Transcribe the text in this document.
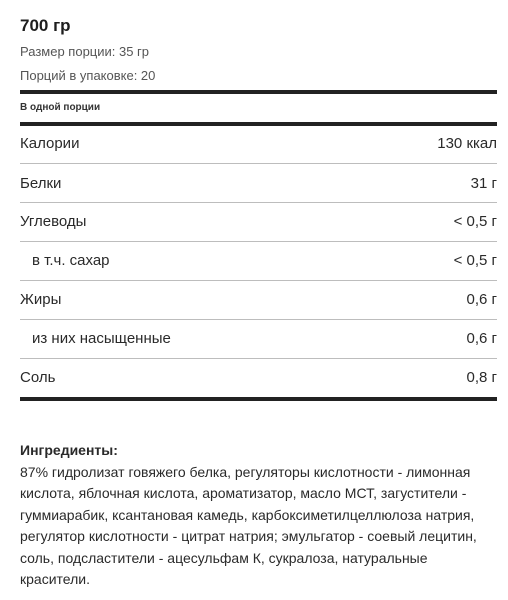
700 гр
Размер порции: 35 гр
Порций в упаковке: 20
В одной порции
Калории	130 ккал
Белки	31 г
Углеводы	< 0,5 г
в т.ч. сахар	< 0,5 г
Жиры	0,6 г
из них насыщенные	0,6 г
Соль	0,8 г
Ингредиенты:
87% гидролизат говяжего белка, регуляторы кислотности - лимонная кислота, яблочная кислота, ароматизатор, масло МСТ, загустители - гуммиарабик, ксантановая камедь, карбоксиметилцеллюлоза натрия, регулятор кислотности - цитрат натрия; эмульгатор - соевый лецитин, соль, подсластители - ацесульфам К, сукралоза, натуральные красители.
